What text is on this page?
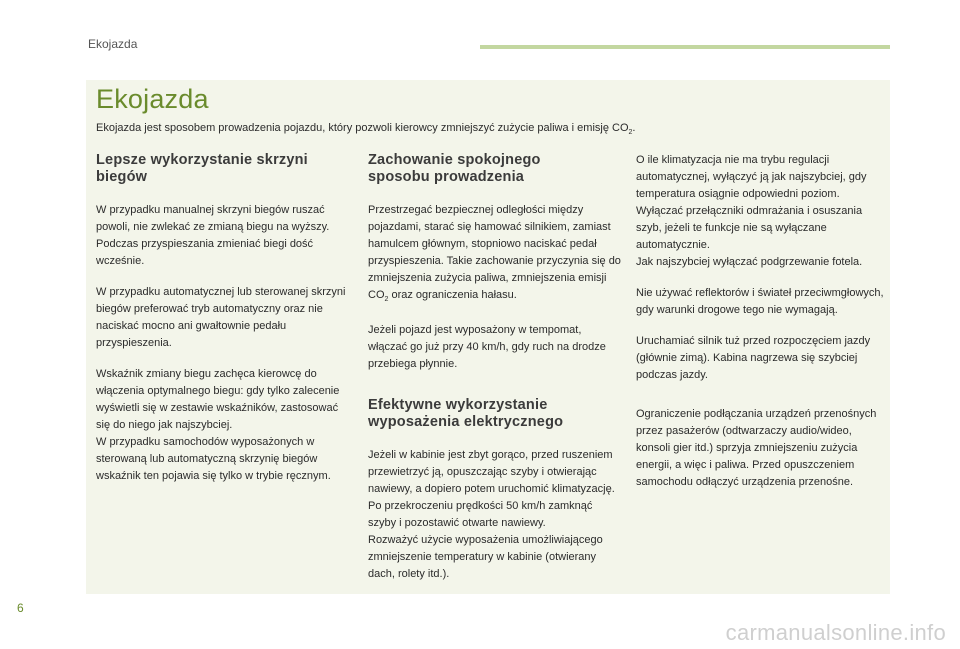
Ekojazda
Ekojazda
Ekojazda jest sposobem prowadzenia pojazdu, który pozwoli kierowcy zmniejszyć zużycie paliwa i emisję $CO_2$.
Lepsze wykorzystanie skrzyni
biegów

W przypadku manualnej skrzyni biegów ruszać powoli, nie zwlekać ze zmianą biegu na wyższy. Podczas przyspieszania zmieniać biegi dość wcześnie.

W przypadku automatycznej lub sterowanej skrzyni biegów preferować tryb automatyczny oraz nie naciskać mocno ani gwałtownie pedału przyspieszenia.

Wskaźnik zmiany biegu zachęca kierowcę do włączenia optymalnego biegu: gdy tylko zalecenie wyświetli się w zestawie wskaźników, zastosować się do niego jak najszybciej.
W przypadku samochodów wyposażonych w sterowaną lub automatyczną skrzynię biegów wskaźnik ten pojawia się tylko w trybie ręcznym.

Zachowanie spokojnego
sposobu prowadzenia

Przestrzegać bezpiecznej odległości między pojazdami, starać się hamować silnikiem, zamiast hamulcem głównym, stopniowo naciskać pedał przyspieszenia. Takie zachowanie przyczynia się do zmniejszenia zużycia paliwa, zmniejszenia emisji $CO_2$ oraz ograniczenia hałasu.

Jeżeli pojazd jest wyposażony w tempomat, włączać go już przy 40 km/h, gdy ruch na drodze przebiega płynnie.

Efektywne wykorzystanie
wyposażenia elektrycznego

Jeżeli w kabinie jest zbyt gorąco, przed ruszeniem przewietrzyć ją, opuszczając szyby i otwierając nawiewy, a dopiero potem uruchomić klimatyzację.
Po przekroczeniu prędkości 50 km/h zamknąć szyby i pozostawić otwarte nawiewy.
Rozważyć użycie wyposażenia umożliwiającego zmniejszenie temperatury w kabinie (otwierany dach, rolety itd.).

O ile klimatyzacja nie ma trybu regulacji automatycznej, wyłączyć ją jak najszybciej, gdy temperatura osiągnie odpowiedni poziom.
Wyłączać przełączniki odmrażania i osuszania szyb, jeżeli te funkcje nie są wyłączane automatycznie.
Jak najszybciej wyłączać podgrzewanie fotela.

Nie używać reflektorów i świateł przeciwmgłowych, gdy warunki drogowe tego nie wymagają.

Uruchamiać silnik tuż przed rozpoczęciem jazdy (głównie zimą). Kabina nagrzewa się szybciej podczas jazdy.

Ograniczenie podłączania urządzeń przenośnych przez pasażerów (odtwarzaczy audio/wideo, konsoli gier itd.) sprzyja zmniejszeniu zużycia energii, a więc i paliwa. Przed opuszczeniem samochodu odłączyć urządzenia przenośne.

6
carmanualsonline.info
